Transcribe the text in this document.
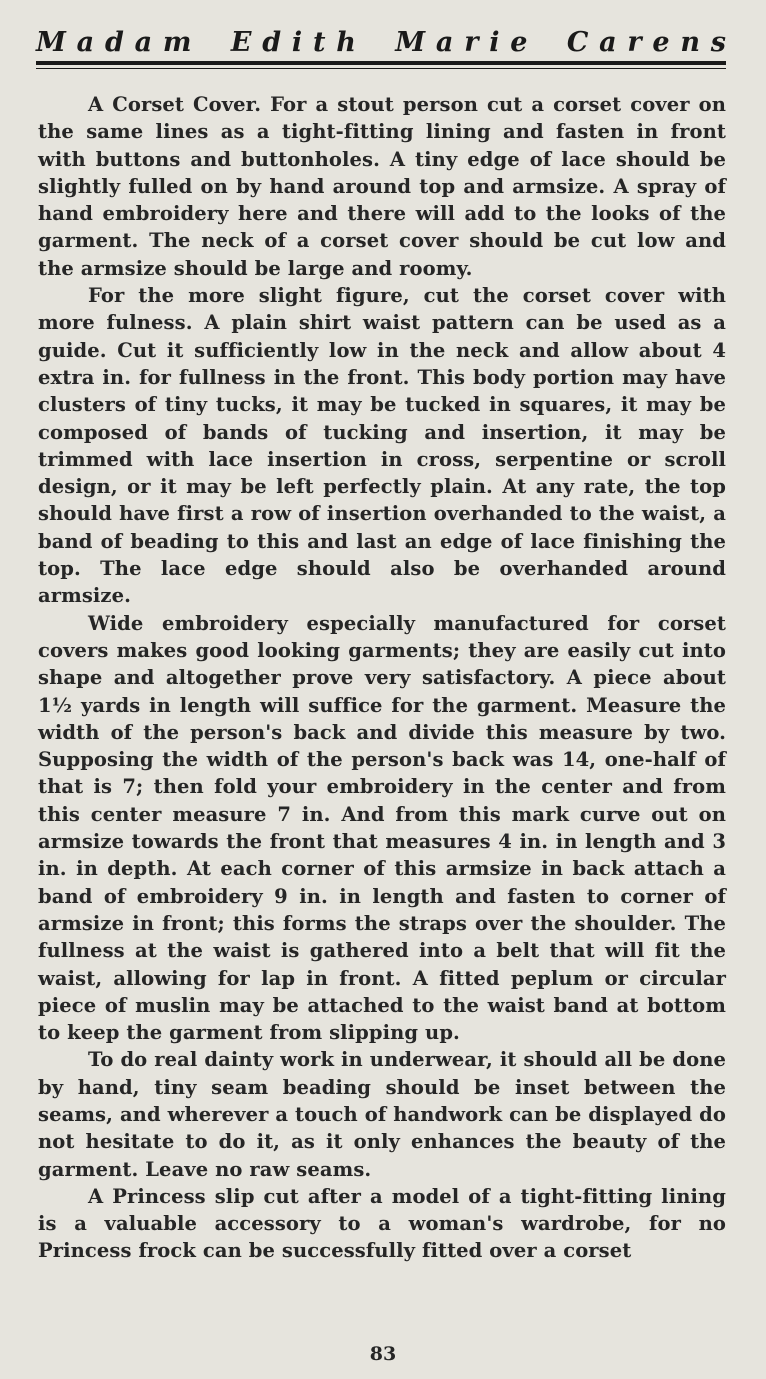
M  a  d  a  m E  d  i  t  h M  a  r  i  e C  a  r  e  n  s

A Corset Cover. For a stout person cut a corset cover on the same lines as a tight-fitting lining and fasten in front with buttons and buttonholes. A tiny edge of lace should be slightly fulled on by hand around top and armsize. A spray of hand embroidery here and there will add to the looks of the garment. The neck of a corset cover should be cut low and the armsize should be large and roomy.

For the more slight figure, cut the corset cover with more fulness. A plain shirt waist pattern can be used as a guide. Cut it sufficiently low in the neck and allow about 4 extra in. for fullness in the front. This body portion may have clusters of tiny tucks, it may be tucked in squares, it may be composed of bands of tucking and insertion, it may be trimmed with lace insertion in cross, serpentine or scroll design, or it may be left perfectly plain. At any rate, the top should have first a row of insertion overhanded to the waist, a band of beading to this and last an edge of lace finishing the top. The lace edge should also be overhanded around armsize.

Wide embroidery especially manufactured for corset covers makes good looking garments; they are easily cut into shape and altogether prove very satisfactory. A piece about 1½ yards in length will suffice for the garment. Measure the width of the person's back and divide this measure by two. Supposing the width of the person's back was 14, one-half of that is 7; then fold your embroidery in the center and from this center measure 7 in. And from this mark curve out on armsize towards the front that measures 4 in. in length and 3 in. in depth. At each corner of this armsize in back attach a band of embroidery 9 in. in length and fasten to corner of armsize in front; this forms the straps over the shoulder. The fullness at the waist is gathered into a belt that will fit the waist, allowing for lap in front. A fitted peplum or circular piece of muslin may be attached to the waist band at bottom to keep the garment from slipping up.

To do real dainty work in underwear, it should all be done by hand, tiny seam beading should be inset between the seams, and wherever a touch of handwork can be displayed do not hesitate to do it, as it only enhances the beauty of the garment. Leave no raw seams.

A Princess slip cut after a model of a tight-fitting lining is a valuable accessory to a woman's wardrobe, for no Princess frock can be successfully fitted over a corset

83
